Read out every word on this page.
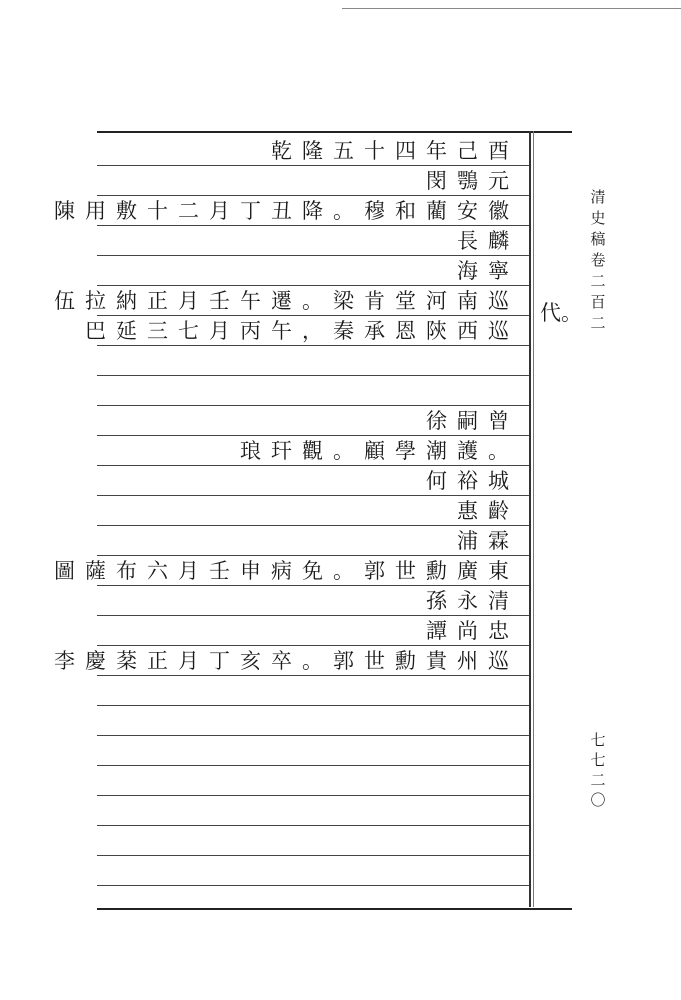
清史稿卷二百二
乾隆五十四年己酉
閔鶚元
陳用敷十二月丁丑降。穆和藺安徽
長麟
海寧
伍拉納正月壬午遷。梁肯堂河南巡
巴延三七月丙午，秦承恩陝西巡
徐嗣曾
琅玕觀。顧學潮護。
何裕城
惠齡
浦霖
圖薩布六月壬申病免。郭世勳廣東
孫永清
譚尚忠
李慶棻正月丁亥卒。郭世勳貴州巡
代。
七七二〇
